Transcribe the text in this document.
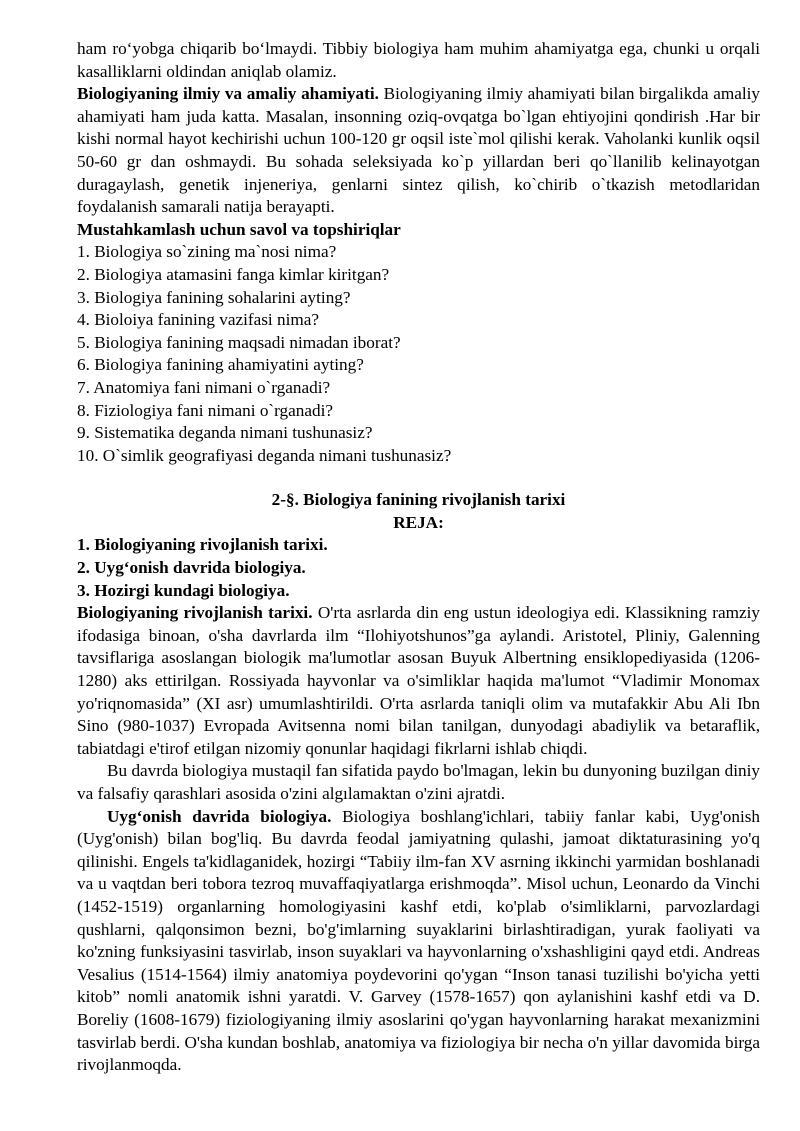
ham ro‘yobga chiqarib bo‘lmaydi. Tibbiy biologiya ham muhim ahamiyatga ega, chunki u orqali kasalliklarni oldindan aniqlab olamiz.

Biologiyaning ilmiy va amaliy ahamiyati. Biologiyaning ilmiy ahamiyati bilan birgalikda amaliy ahamiyati ham juda katta. Masalan, insonning oziq-ovqatga bo`lgan ehtiyojini qondirish .Har bir kishi normal hayot kechirishi uchun 100-120 gr oqsil iste`mol qilishi kerak. Vaholanki kunlik oqsil 50-60 gr dan oshmaydi. Bu sohada seleksiyada ko`p yillardan beri qo`llanilib kelinayotgan duragaylash, genetik injeneriya, genlarni sintez qilish, ko`chirib o`tkazish metodlaridan foydalanish samarali natija berayapti.

Mustahkamlash uchun savol va topshiriqlar

1. Biologiya so`zining ma`nosi nima?

2. Biologiya atamasini fanga kimlar kiritgan?

3. Biologiya fanining sohalarini ayting?

4. Bioloiya fanining vazifasi nima?

5. Biologiya fanining maqsadi nimadan iborat?

6. Biologiya fanining ahamiyatini ayting?

7. Anatomiya fani nimani o`rganadi?

8. Fiziologiya fani nimani o`rganadi?

9. Sistematika deganda nimani tushunasiz?

10. O`simlik geografiyasi deganda nimani tushunasiz?

2-§. Biologiya fanining rivojlanish tarixi

REJA:

1. Biologiyaning rivojlanish tarixi.

2. Uyg‘onish davrida biologiya.

3. Hozirgi kundagi biologiya.

Biologiyaning rivojlanish tarixi. O'rta asrlarda din eng ustun ideologiya edi. Klassikning ramziy ifodasiga binoan, o'sha davrlarda ilm “Ilohiyotshunos”ga aylandi. Aristotel, Pliniy, Galenning tavsiflariga asoslangan biologik ma'lumotlar asosan Buyuk Albertning ensiklopediyasida (1206-1280) aks ettirilgan. Rossiyada hayvonlar va o'simliklar haqida ma'lumot “Vladimir Monomax yo'riqnomasida” (XI asr) umumlashtirildi. O'rta asrlarda taniqli olim va mutafakkir Abu Ali Ibn Sino (980-1037) Evropada Avitsenna nomi bilan tanilgan, dunyodagi abadiylik va betaraflik, tabiatdagi e'tirof etilgan nizomiy qonunlar haqidagi fikrlarni ishlab chiqdi.

Bu davrda biologiya mustaqil fan sifatida paydo bo'lmagan, lekin bu dunyoning buzilgan diniy va falsafiy qarashlari asosida o'zini algılamaktan o'zini ajratdi.

Uyg‘onish davrida biologiya. Biologiya boshlang'ichlari, tabiiy fanlar kabi, Uyg'onish (Uyg'onish) bilan bog'liq. Bu davrda feodal jamiyatning qulashi, jamoat diktaturasining yo'q qilinishi. Engels ta'kidlaganidek, hozirgi “Tabiiy ilm-fan XV asrning ikkinchi yarmidan boshlanadi va u vaqtdan beri tobora tezroq muvaffaqiyatlarga erishmoqda”. Misol uchun, Leonardo da Vinchi (1452-1519) organlarning homologiyasini kashf etdi, ko'plab o'simliklarni, parvozlardagi qushlarni, qalqonsimon bezni, bo'g'imlarning suyaklarini birlashtiradigan, yurak faoliyati va ko'zning funksiyasini tasvirlab, inson suyaklari va hayvonlarning o'xshashligini qayd etdi. Andreas Vesalius (1514-1564) ilmiy anatomiya poydevorini qo'ygan “Inson tanasi tuzilishi bo'yicha yetti kitob” nomli anatomik ishni yaratdi. V. Garvey (1578-1657) qon aylanishini kashf etdi va D. Boreliy (1608-1679) fiziologiyaning ilmiy asoslarini qo'ygan hayvonlarning harakat mexanizmini tasvirlab berdi. O'sha kundan boshlab, anatomiya va fiziologiya bir necha o'n yillar davomida birga rivojlanmoqda.
